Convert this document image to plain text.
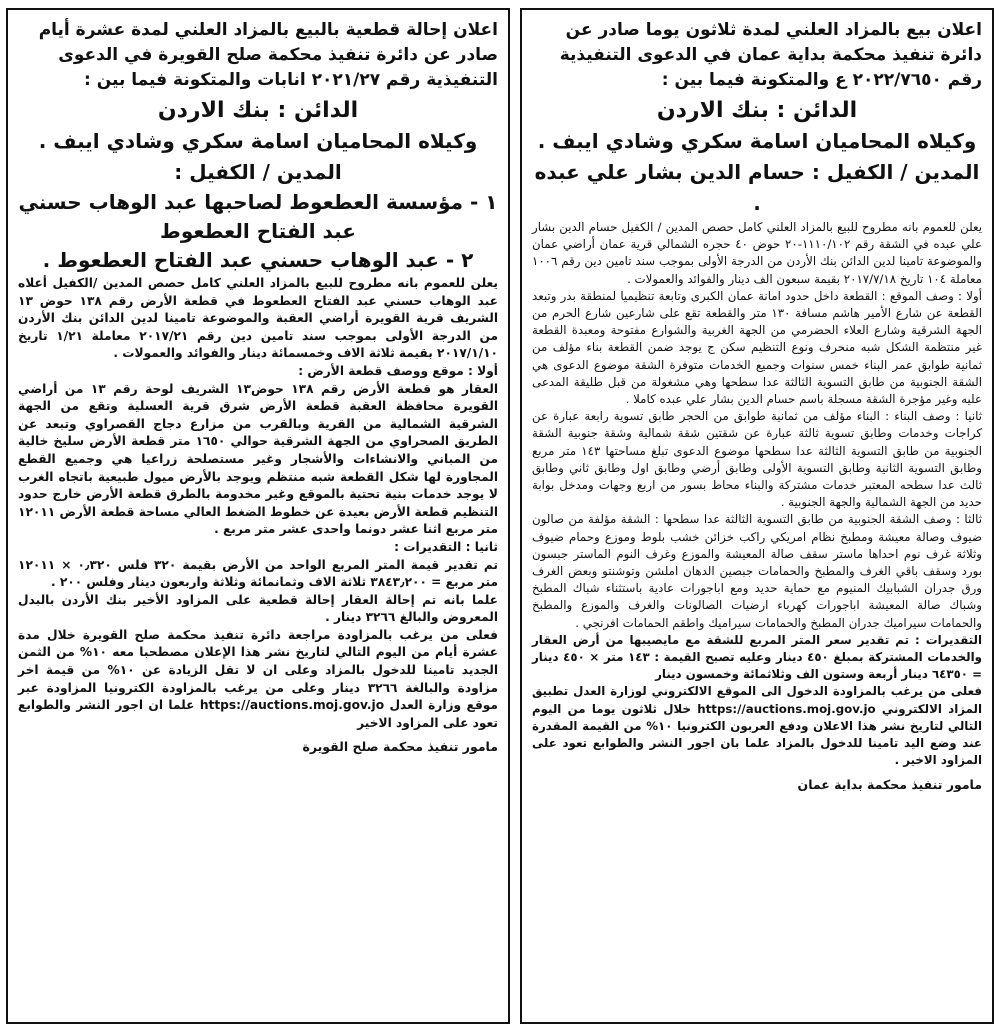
اعلان بيع بالمزاد العلني لمدة ثلاثون يوما صادر عن دائرة تنفيذ محكمة بداية عمان في الدعوى التنفيذية رقم ٢٠٢٢/٧٦٥٠ ع والمتكونة فيما بين :

الدائن : بنك الاردن

وكيلاه المحاميان اسامة سكري وشادي ايبف .

المدين / الكفيل : حسام الدين بشار علي عبده .

يعلن للعموم بانه مطروح للبيع بالمزاد العلني كامل حصص المدين / الكفيل حسام الدين بشار علي عبده في الشقة رقم ١١١٠/١٠٢-٢٠ حوض ٤٠ حجره الشمالي قرية عمان أراضي عمان والموضوعة تامينا لدين الدائن بنك الأردن من الدرجة الأولى بموجب سند تامين دين رقم ١٠٠٦ معاملة ١٠٤ تاريخ ٢٠١٧/٧/١٨ بقيمة سبعون الف دينار والفوائد والعمولات .

أولا : وصف الموقع : القطعة داخل حدود امانة عمان الكبرى وتابعة تنظيميا لمنطقة بدر وتبعد القطعة عن شارع الأمير هاشم مسافة ١٣٠ متر والقطعة تقع على شارعين شارع الحرم من الجهة الشرقية وشارع العلاء الحضرمي من الجهة الغربية والشوارع مفتوحة ومعبدة القطعة غير منتظمة الشكل شبه منحرف ونوع التنظيم سكن ج يوجد ضمن القطعة بناء مؤلف من ثمانية طوابق عمر البناء خمس سنوات وجميع الخدمات متوفرة الشقة موضوع الدعوى هي الشقة الجنوبية من طابق التسوية الثالثة عدا سطحها وهي مشغولة من قبل طليقة المدعى عليه وغير مؤجرة الشقة مسجلة باسم حسام الدين بشار علي عبده كاملا .

ثانيا : وصف البناء : البناء مؤلف من ثمانية طوابق من الحجر طابق تسوية رابعة عبارة عن كراجات وخدمات وطابق تسوية ثالثة عبارة عن شقتين شقة شمالية وشقة جنوبية الشقة الجنوبية من طابق التسوية الثالثة عدا سطحها موضوع الدعوى تبلغ مساحتها ١٤٣ متر مربع وطابق التسوية الثانية وطابق التسوية الأولى وطابق أرضي وطابق اول وطابق ثاني وطابق ثالث عدا سطحه المعتبر خدمات مشتركة والبناء محاط بسور من اربع وجهات ومدخل بوابة حديد من الجهة الشمالية والجهة الجنوبية .

ثالثا : وصف الشقة الجنوبية من طابق التسوية الثالثة عدا سطحها : الشقة مؤلفة من صالون ضيوف وصالة معيشة ومطبخ نظام امريكي راكب خزائن خشب بلوط وموزع وحمام ضيوف وثلاثة غرف نوم احداها ماستر سقف صالة المعيشة والموزع وغرف النوم الماستر جبسون بورد وسقف باقي الغرف والمطبخ والحمامات جبصين الدهان املشن وتوشنتو وبعض الغرف ورق جدران الشبابيك المنيوم مع حماية حديد ومع اباجورات عادية باستثناء شباك المطبخ وشباك صالة المعيشة اباجورات كهرباء ارضيات الصالونات والغرف والموزع والمطبخ والحمامات سيراميك جدران المطبخ والحمامات سيراميك واطقم الحمامات افرنجي .

التقديرات : تم تقدير سعر المتر المربع للشقة مع مايصيبها من أرض العقار والخدمات المشتركة بمبلغ ٤٥٠ دينار وعليه تصبح القيمة : ١٤٣ متر × ٤٥٠ دينار = ٦٤٣٥٠ دينار أربعة وستون الف وثلاثمائة وخمسون دينار

فعلى من يرغب بالمزاودة الدخول الى الموقع الالكتروني لوزارة العدل تطبيق المزاد الالكتروني https://auctions.moj.gov.jo خلال ثلاثون يوما من اليوم التالي لتاريخ نشر هذا الاعلان ودفع العربون الكترونيا ١٠% من القيمة المقدرة عند وضع اليد تامينا للدخول بالمزاد علما بان اجور النشر والطوابع تعود على المزاود الاخير .

مامور تنفيذ محكمة بداية عمان

اعلان إحالة قطعية بالبيع بالمزاد العلني لمدة عشرة أيام صادر عن دائرة تنفيذ محكمة صلح القويرة في الدعوى التنفيذية رقم ٢٠٢١/٢٧ انابات والمتكونة فيما بين :

الدائن : بنك الاردن

وكيلاه المحاميان اسامة سكري وشادي ايبف .

المدين / الكفيل :

١ - مؤسسة العطعوط لصاحبها عبد الوهاب حسني عبد الفتاح العطعوط

٢ - عبد الوهاب حسني عبد الفتاح العطعوط .

يعلن للعموم بانه مطروح للبيع بالمزاد العلني كامل حصص المدين /الكفيل أعلاه عبد الوهاب حسني عبد الفتاح العطعوط في قطعة الأرض رقم ١٣٨ حوض ١٣ الشريف قرية القويرة أراضي العقبة والموضوعة تامينا لدين الدائن بنك الأردن من الدرجة الأولى بموجب سند تامين دين رقم ٢٠١٧/٢١ معاملة ١/٢١ تاريخ ٢٠١٧/١/١٠ بقيمة ثلاثة الاف وخمسمائة دينار والفوائد والعمولات .

أولا : موقع ووصف قطعة الأرض :

العقار هو قطعة الأرض رقم ١٣٨ حوض١٣ الشريف لوحة رقم ١٣ من أراضي القويرة محافظة العقبة قطعة الأرض شرق قرية العسلية وتقع من الجهة الشرقية الشمالية من القرية وبالقرب من مزارع دجاج القصراوي وتبعد عن الطريق الصحراوي من الجهة الشرقية حوالي ١٦٥٠ متر قطعة الأرض سليخ خالية من المباني والانشاءات والأشجار وغير مستصلحة زراعيا هي وجميع القطع المجاورة لها شكل القطعة شبه منتظم ويوجد بالأرض ميول طبيعية باتجاه الغرب لا يوجد خدمات بنية تحتية بالموقع وغير مخدومة بالطرق قطعة الأرض خارج حدود التنظيم قطعة الأرض بعيدة عن خطوط الضغط العالي مساحة قطعة الأرض ١٢٠١١ متر مربع اثنا عشر دونما واحدى عشر متر مربع .

ثانيا : التقديرات :

تم تقدير قيمة المتر المربع الواحد من الأرض بقيمة ٣٢٠ فلس ٠٫٣٢٠ × ١٢٠١١ متر مربع = ٣٨٤٣٫٢٠٠ ثلاثة الاف وثمانمائة وثلاثة واربعون دينار وفلس ٢٠٠ .

علما بانه تم إحالة العقار إحالة قطعية على المزاود الأخير بنك الأردن بالبدل المعروض والبالغ ٣٢٦٦ دينار .

فعلى من يرغب بالمزاودة مراجعة دائرة تنفيذ محكمة صلح القويرة خلال مدة عشرة أيام من اليوم التالي لتاريخ نشر هذا الإعلان مصطحبا معه ١٠% من الثمن الجديد تامينا للدخول بالمزاد وعلى ان لا تقل الزيادة عن ١٠% من قيمة اخر مزاودة والبالغة ٣٢٦٦ دينار وعلى من يرغب بالمزاودة الكترونيا المزاودة عبر موقع وزارة العدل https://auctions.moj.gov.jo علما ان اجور النشر والطوابع تعود على المزاود الاخير

مامور تنفيذ محكمة صلح القويرة
